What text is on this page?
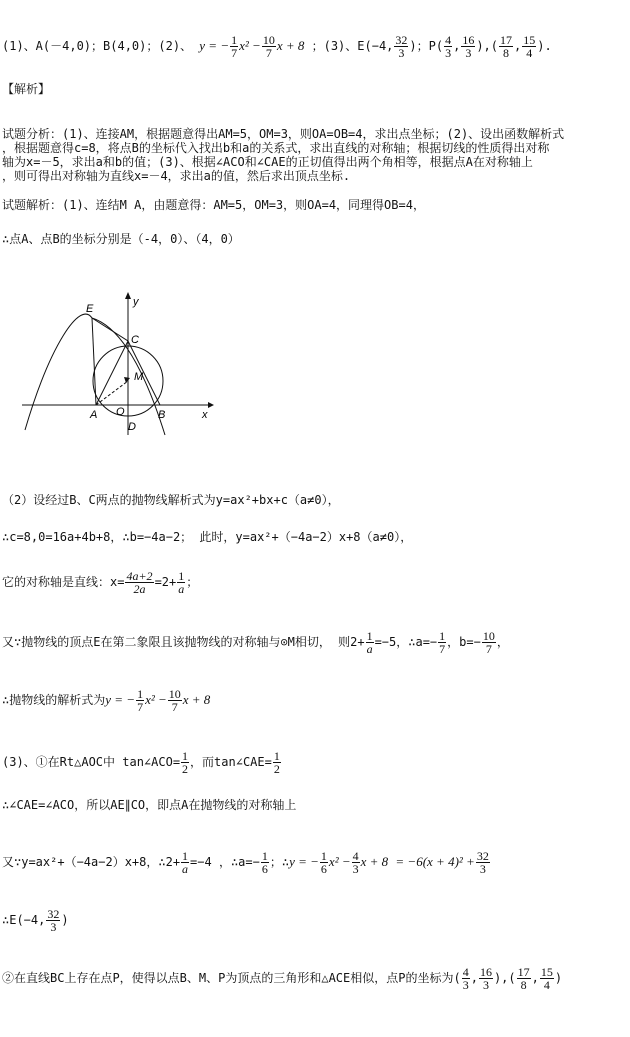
(1)、A(－4,0)；B(4,0)；(2)、 y = − $\frac{1}{7} x^2 - \frac{10}{7}$ x + 8 ；(3)、E(−4, $\frac{32}{3}$ )；$P( \frac{4}{3}$ , $\frac{16}{3}$ ),( $\frac{17}{8}$ , $\frac{15}{4}$ ).
【解析】
试题分析：(1)、连接AM，根据题意得出AM=5，OM=3，则OA=OB=4，求出点坐标；(2)、设出函数解析式
，根据题意得c=8，将点B的坐标代入找出b和a的关系式，求出直线的对称轴；根据切线的性质得出对称
轴为x=－5，求出a和b的值；(3)、根据∠ACO和∠CAE的正切值得出两个角相等，根据点A在对称轴上
，则可得出对称轴为直线x=－4，求出a的值，然后求出顶点坐标.
试题解析：(1)、连结M A，由题意得：AM=5，OM=3，则OA=4，同理得OB=4，
∴点A、点B的坐标分别是（-4，0）、（4，0）
E
y
C
M
A O	B	x
D
（2）设经过B、C两点的抛物线解析式为y=ax²+bx+c（a≠0），
∴c=8,0=16a+4b+8，∴b=−4a−2； 此时，y=ax²+（−4a−2）x+8（a≠0），
它的对称轴是直线：$x= \frac{4a+2}{2a} =2+ \frac{1}{a}$ ；
又∵抛物线的顶点E在第二象限且该抛物线的对称轴与⊙M相切， 则$2+ \frac{1}{a} =-5$，∴a=− $\frac{1}{7}$ ，$b=- \frac{10}{7}$ ，
∴抛物线的解析式为y = − $\frac{1}{7} x^2 - \frac{10}{7}$ x + 8
(3)、①在Rt△AOC中 tan∠ACO= $\frac{1}{2}$ ，而tan∠CAE= $\frac{1}{2}$
∴∠CAE=∠ACO，所以AE∥CO，即点A在抛物线的对称轴上
又∵y=ax²+（−4a−2）x+8，∴2+ $\frac{1}{a} =-4$ ，∴a=− $\frac{1}{6}$ ；∴y = − $\frac{1}{6} x^2 - \frac{4}{3}$ $x + 8 = -6(x + 4)^2 + \frac{32}{3}$
∴E(−4, $\frac{32}{3}$ )
②在直线BC上存在点P，使得以点B、M、P为顶点的三角形和△ACE相似，点P的坐标为( $\frac{4}{3}$ , $\frac{16}{3}$ ),( $\frac{17}{8}$ , $\frac{15}{4}$ )
